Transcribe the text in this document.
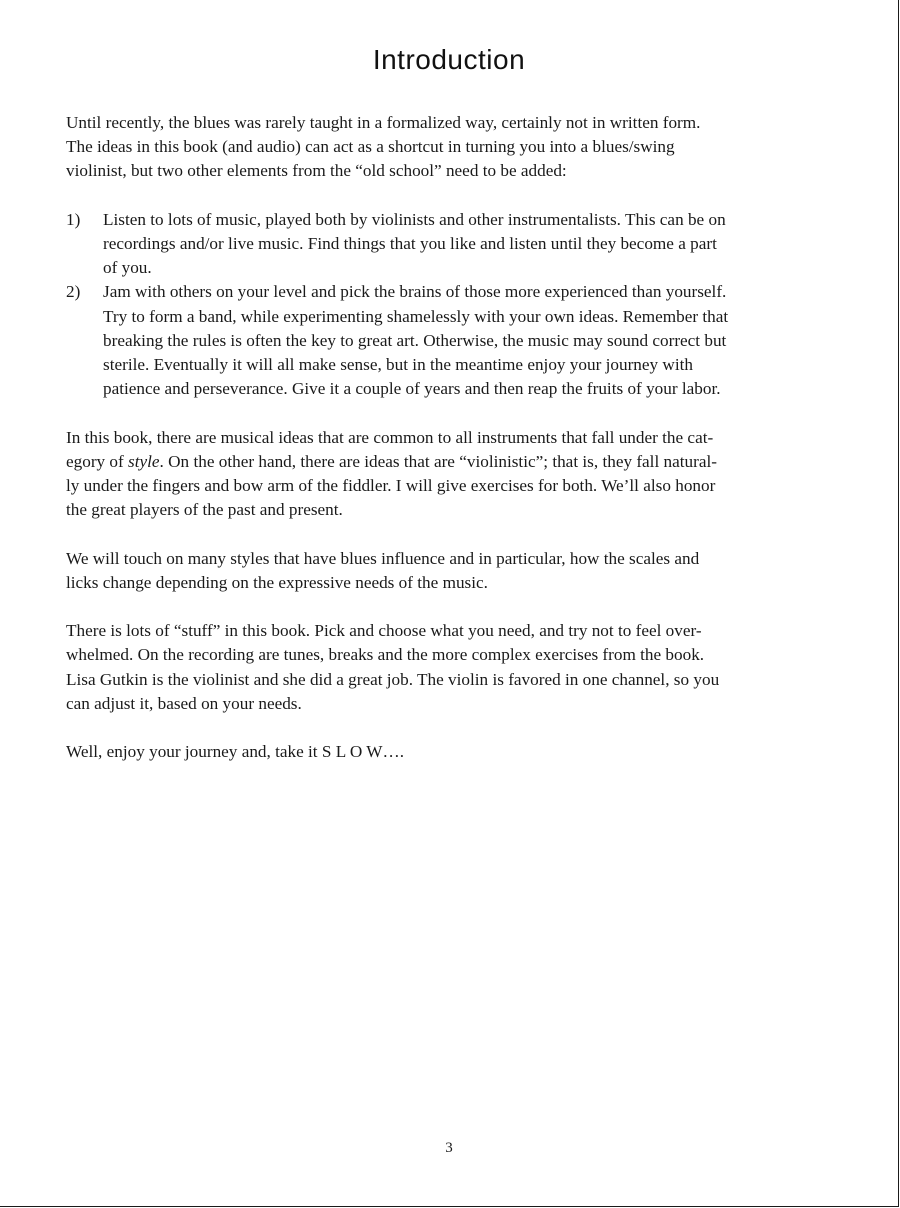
Introduction

Until recently, the blues was rarely taught in a formalized way, certainly not in written form.
The ideas in this book (and audio) can act as a shortcut in turning you into a blues/swing
violinist, but two other elements from the “old school” need to be added:

1) Listen to lots of music, played both by violinists and other instrumentalists. This can be on
recordings and/or live music. Find things that you like and listen until they become a part
of you.
2) Jam with others on your level and pick the brains of those more experienced than yourself.
Try to form a band, while experimenting shamelessly with your own ideas. Remember that
breaking the rules is often the key to great art. Otherwise, the music may sound correct but
sterile. Eventually it will all make sense, but in the meantime enjoy your journey with
patience and perseverance. Give it a couple of years and then reap the fruits of your labor.

In this book, there are musical ideas that are common to all instruments that fall under the cat-
egory of style. On the other hand, there are ideas that are “violinistic”; that is, they fall natural-
ly under the fingers and bow arm of the fiddler. I will give exercises for both. We’ll also honor
the great players of the past and present.

We will touch on many styles that have blues influence and in particular, how the scales and
licks change depending on the expressive needs of the music.

There is lots of “stuff” in this book. Pick and choose what you need, and try not to feel over-
whelmed. On the recording are tunes, breaks and the more complex exercises from the book.
Lisa Gutkin is the violinist and she did a great job. The violin is favored in one channel, so you
can adjust it, based on your needs.

Well, enjoy your journey and, take it S L O W….

3
